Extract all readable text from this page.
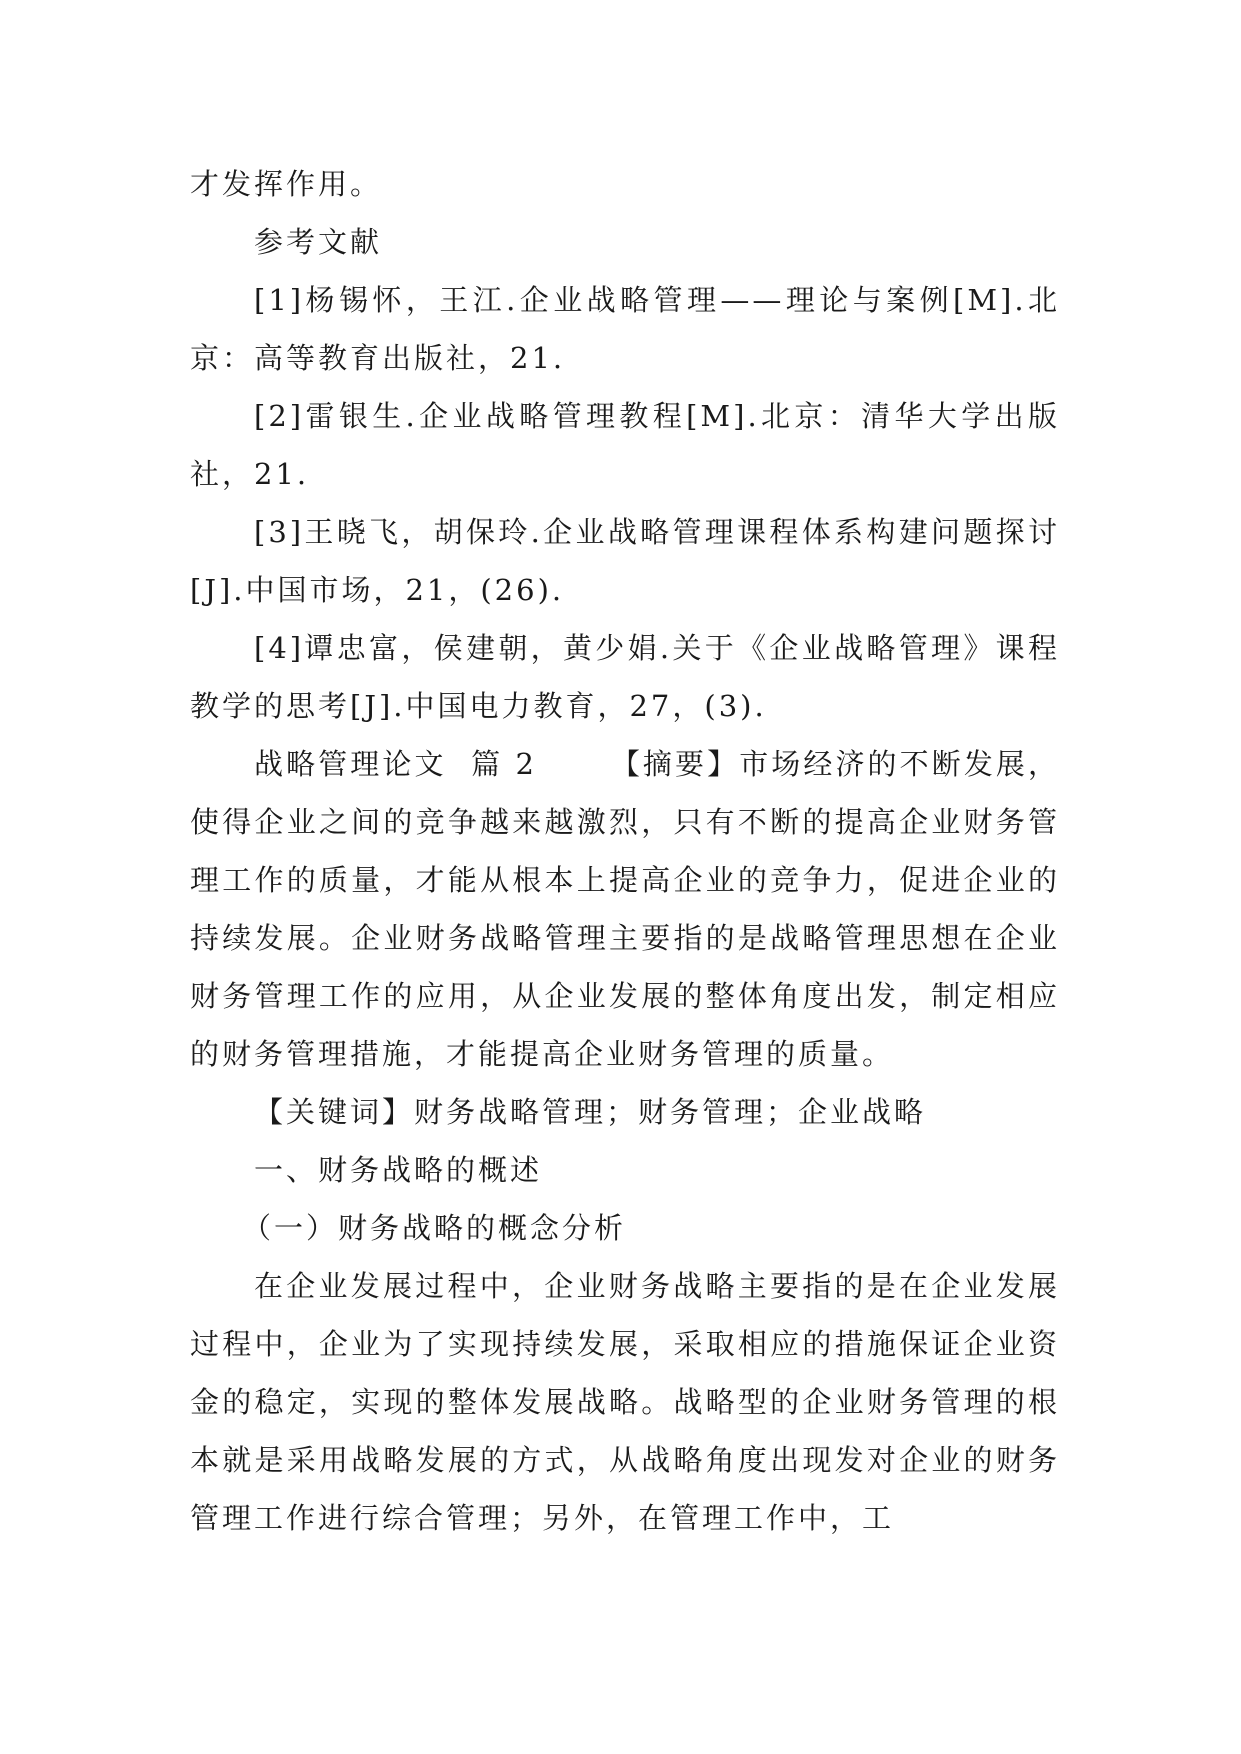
才发挥作用。

参考文献

[1]杨锡怀，王江.企业战略管理——理论与案例[M].北京：高等教育出版社，21.

[2]雷银生.企业战略管理教程[M].北京：清华大学出版社，21.

[3]王晓飞，胡保玲.企业战略管理课程体系构建问题探讨[J].中国市场，21，(26).

[4]谭忠富，侯建朝，黄少娟.关于《企业战略管理》课程教学的思考[J].中国电力教育，27，(3).

战略管理论文  篇 2      【摘要】市场经济的不断发展，使得企业之间的竞争越来越激烈，只有不断的提高企业财务管理工作的质量，才能从根本上提高企业的竞争力，促进企业的持续发展。企业财务战略管理主要指的是战略管理思想在企业财务管理工作的应用，从企业发展的整体角度出发，制定相应的财务管理措施，才能提高企业财务管理的质量。

【关键词】财务战略管理；财务管理；企业战略

一、财务战略的概述

（一）财务战略的概念分析

在企业发展过程中，企业财务战略主要指的是在企业发展过程中，企业为了实现持续发展，采取相应的措施保证企业资金的稳定，实现的整体发展战略。战略型的企业财务管理的根本就是采用战略发展的方式，从战略角度出现发对企业的财务管理工作进行综合管理；另外，在管理工作中，工
